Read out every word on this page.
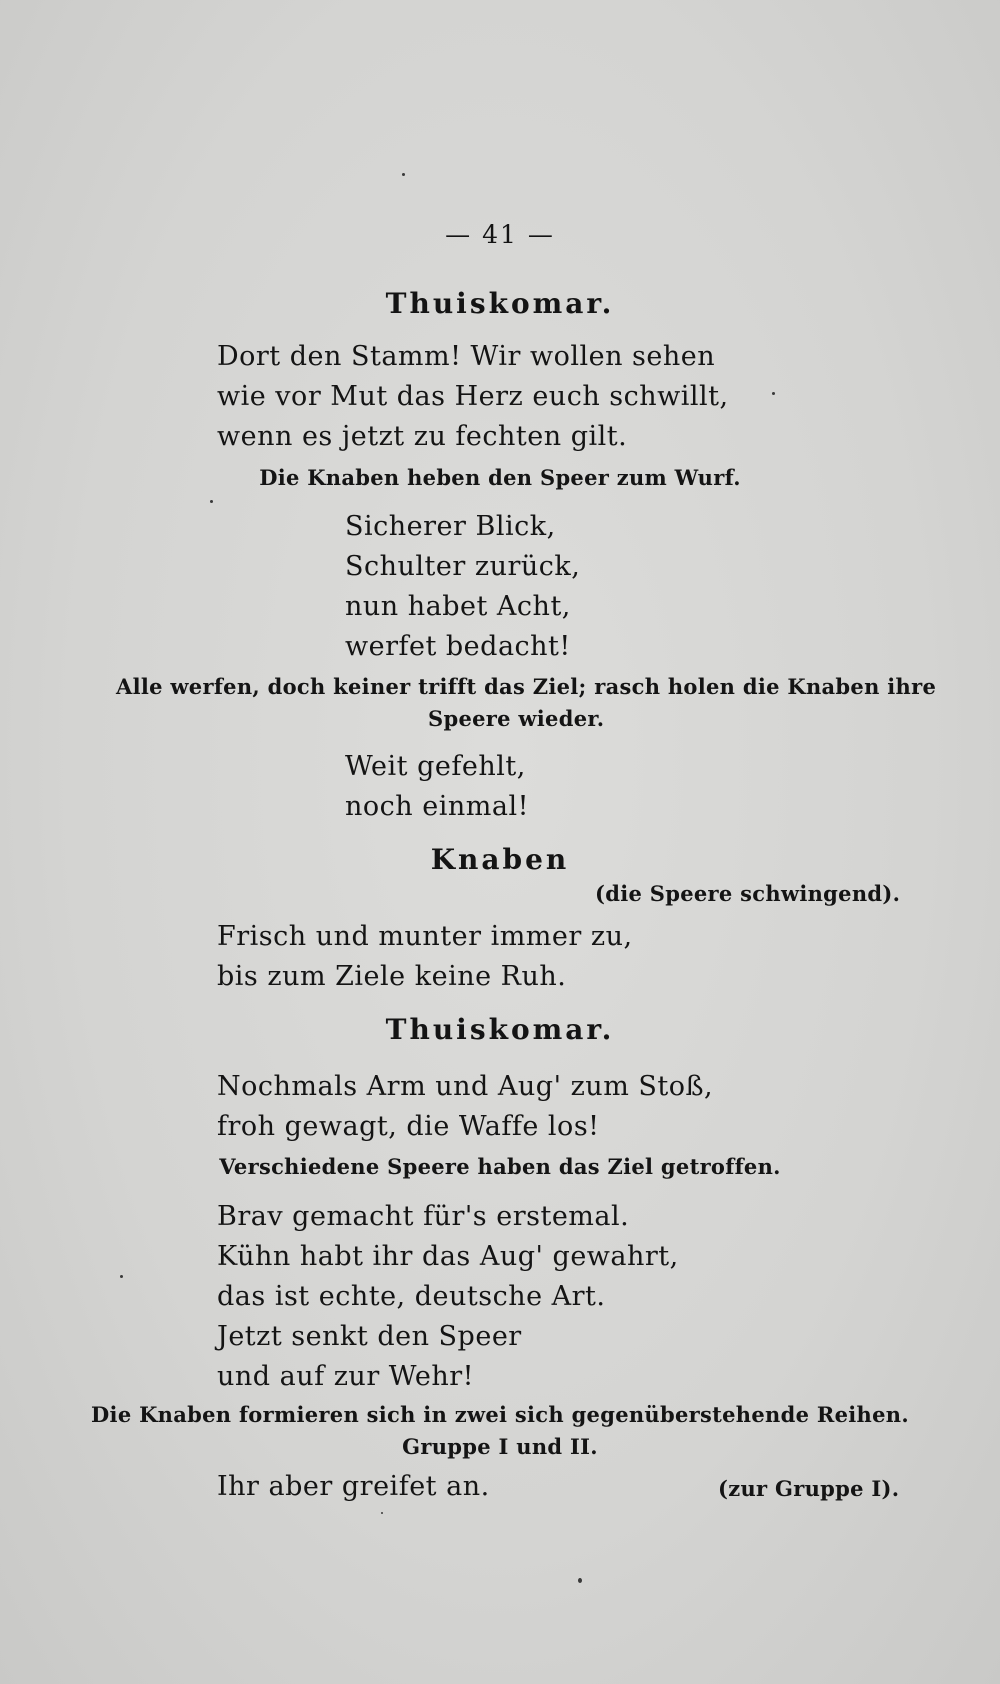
— 41 —
Thuiskomar.
Dort den Stamm! Wir wollen sehen
wie vor Mut das Herz euch schwillt,
wenn es jetzt zu fechten gilt.
Die Knaben heben den Speer zum Wurf.
Sicherer Blick,
Schulter zurück,
nun habet Acht,
werfet bedacht!
Alle werfen, doch keiner trifft das Ziel; rasch holen die Knaben ihre
Speere wieder.
Weit gefehlt,
noch einmal!
Knaben
(die Speere schwingend).
Frisch und munter immer zu,
bis zum Ziele keine Ruh.
Thuiskomar.
Nochmals Arm und Aug' zum Stoß,
froh gewagt, die Waffe los!
Verschiedene Speere haben das Ziel getroffen.
Brav gemacht für's erstemal.
Kühn habt ihr das Aug' gewahrt,
das ist echte, deutsche Art.
Jetzt senkt den Speer
und auf zur Wehr!
Die Knaben formieren sich in zwei sich gegenüberstehende Reihen.
Gruppe I und II.
Ihr aber greifet an.	(zur Gruppe I).
